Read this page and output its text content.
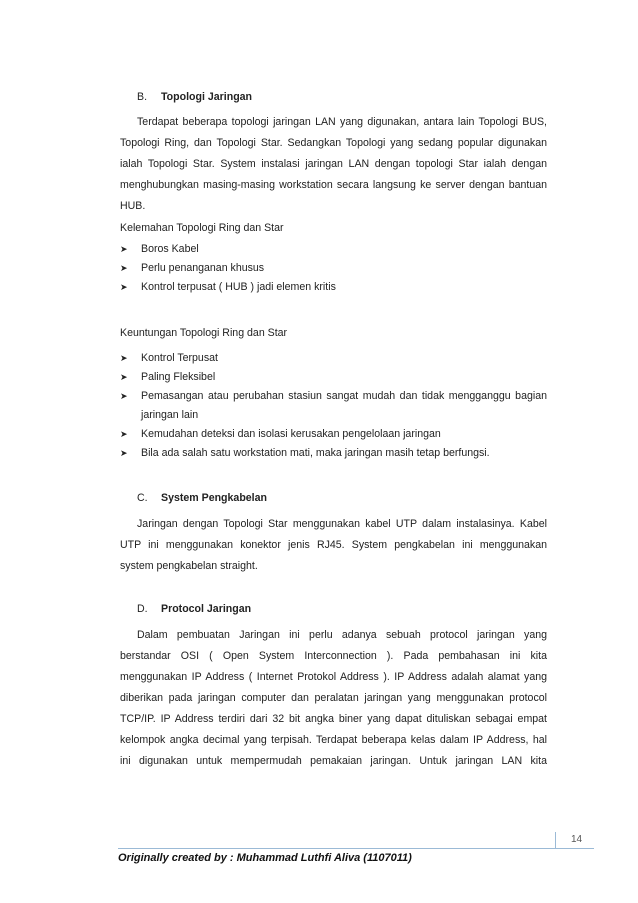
B. Topologi Jaringan
Terdapat beberapa topologi jaringan LAN yang digunakan, antara lain Topologi BUS,
Topologi Ring, dan Topologi Star. Sedangkan Topologi yang sedang popular digunakan
ialah Topologi Star. System instalasi jaringan LAN dengan topologi Star ialah dengan
menghubungkan masing-masing workstation secara langsung ke server dengan bantuan
HUB.
Kelemahan Topologi Ring dan Star
➤ Boros Kabel
➤ Perlu penanganan khusus
➤ Kontrol terpusat ( HUB ) jadi elemen kritis
Keuntungan Topologi Ring dan Star
➤ Kontrol Terpusat
➤ Paling Fleksibel
➤ Pemasangan atau perubahan stasiun sangat mudah dan tidak mengganggu bagian
jaringan lain
➤ Kemudahan deteksi dan isolasi kerusakan pengelolaan jaringan
➤ Bila ada salah satu workstation mati, maka jaringan masih tetap berfungsi.
C. System Pengkabelan
Jaringan dengan Topologi Star menggunakan kabel UTP dalam instalasinya. Kabel
UTP ini menggunakan konektor jenis RJ45. System pengkabelan ini menggunakan
system pengkabelan straight.
D. Protocol Jaringan
Dalam pembuatan Jaringan ini perlu adanya sebuah protocol jaringan yang
berstandar OSI ( Open System Interconnection ). Pada pembahasan ini kita
menggunakan IP Address ( Internet Protokol Address ). IP Address adalah alamat yang
diberikan pada jaringan computer dan peralatan jaringan yang menggunakan protocol
TCP/IP. IP Address terdiri dari 32 bit angka biner yang dapat dituliskan sebagai empat
kelompok angka decimal yang terpisah. Terdapat beberapa kelas dalam IP Address, hal
ini digunakan untuk mempermudah pemakaian jaringan. Untuk jaringan LAN kita
14
Originally created by : Muhammad Luthfi Aliva (1107011)
